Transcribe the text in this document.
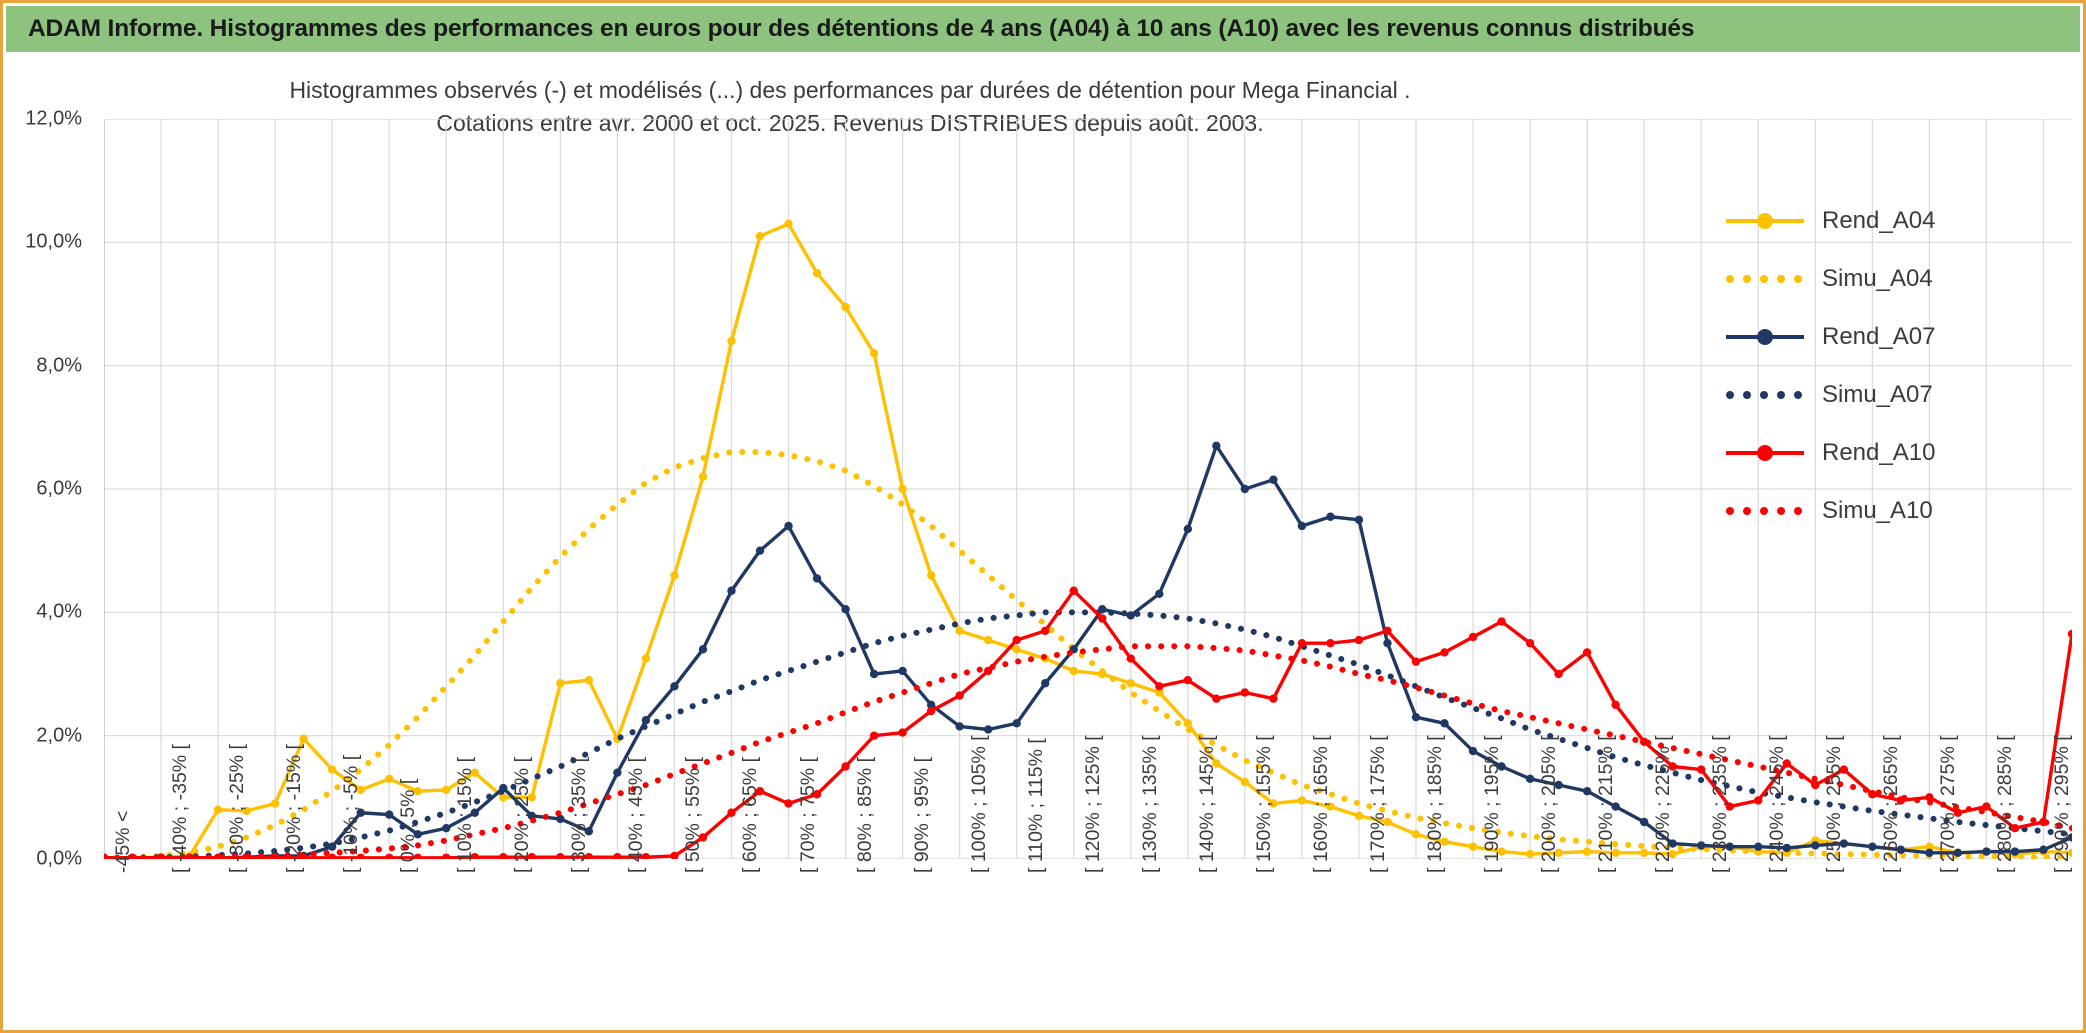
ADAM Informe. Histogrammes des performances en euros pour des détentions de 4 ans (A04) à 10 ans (A10) avec les revenus connus distribués
Histogrammes observés (-) et modélisés (...) des performances par durées de détention pour Mega Financial .
Cotations entre avr. 2000 et oct. 2025. Revenus DISTRIBUES depuis août. 2003.
0,0%
2,0%
4,0%
6,0%
8,0%
10,0%
12,0%
-45% < [ -40% ; -35% [ [ -30% ; -25% [ [ -20% ; -15% [ [ -10% ; -5% [ [ 0% ; 5% [ [ 10% ; 15% [ [ 20% ; 25% [ [ 30% ; 35% [ [ 40% ; 45% [ [ 50% ; 55% [ [ 60% ; 65% [ [ 70% ; 75% [ [ 80% ; 85% [ [ 90% ; 95% [ [ 100% ; 105% [ [ 110% ; 115% [ [ 120% ; 125% [ [ 130% ; 135% [ [ 140% ; 145% [ [ 150% ; 155% [ [ 160% ; 165% [ [ 170% ; 175% [ [ 180% ; 185% [ [ 190% ; 195% [ [ 200% ; 205% [ [ 210% ; 215% [ [ 220% ; 225% [ [ 230% ; 235% [ [ 240% ; 245% [ [ 250% ; 255% [ [ 260% ; 265% [ [ 270% ; 275% [ [ 280% ; 285% [ [ 290% ; 295% [
Rend_A04
Simu_A04
Rend_A07
Simu_A07
Rend_A10
Simu_A10
